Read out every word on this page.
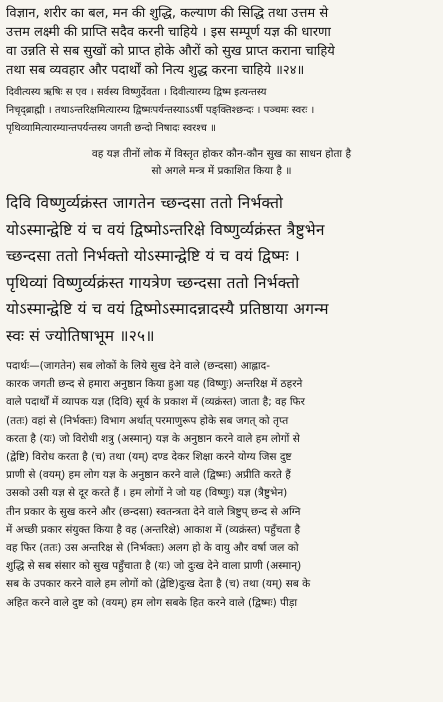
विज्ञान, शरीर का बल, मन की शुद्धि, कल्याण की सिद्धि तथा उत्तम से
उत्तम लक्ष्मी की प्राप्ति सदैव करनी चाहिये । इस सम्पूर्ण यज्ञ की धारणा
वा उन्नति से सब सुखों को प्राप्त होके औरों को सुख प्राप्त कराना चाहिये
तथा सब व्यवहार और पदार्थों को नित्य शुद्ध करना चाहिये ॥२४॥
दिवीत्यस्य ऋषिः स एव । सर्वस्य विष्णुर्देवता । दिवीत्यारम्य द्विष्म इत्यन्तस्य
निचृद्ब्राह्मी । तथाऽन्तरिक्षमित्यारम्य द्विष्मःपर्यन्तस्याऽऽर्षी पङ्क्तिश्छन्दः । पञ्चमः स्वरः ।
पृथिव्यामित्यारम्यान्तपर्यन्तस्य जगती छन्दो निषादः स्वरश्च ॥
वह यज्ञ तीनों लोक में विस्तृत होकर कौन-कौन सुख का साधन होता है
सो अगले मन्त्र में प्रकाशित किया है ॥
दिवि विष्णुर्व्यक्रंस्त जागतेन च्छन्दसा ततो निर्भक्तो
योऽस्मान्द्वेष्टि यं च वयं द्विष्मोऽन्तरिक्षे विष्णुर्व्यक्रंस्त त्रैष्टुभेन
च्छन्दसा ततो निर्भक्तो योऽस्मान्द्वेष्टि यं च वयं द्विष्मः ।
पृथिव्यां विष्णुर्व्यक्रंस्त गायत्रेण च्छन्दसा ततो निर्भक्तो
योऽस्मान्द्वेष्टि यं च वयं द्विष्मोऽस्मादन्नादस्यै प्रतिष्ठाया अगन्म
स्वः सं ज्योतिषाभूम ॥२५॥
पदार्थः—(जागतेन) सब लोकों के लिये सुख देने वाले (छन्दसा) आह्लाद-
कारक जगती छन्द से हमारा अनुष्ठान किया हुआ यह (विष्णुः) अन्तरिक्ष में ठहरने
वाले पदार्थों में व्यापक यज्ञ (दिवि) सूर्य के प्रकाश में (व्यक्रंस्त) जाता है; वह फिर
(ततः) वहां से (निर्भक्तः) विभाग अर्थात् परमाणुरूप होके सब जगत् को तृप्त
करता है (यः) जो विरोधी शत्रु (अस्मान्) यज्ञ के अनुष्ठान करने वाले हम लोगों से
(द्वेष्टि) विरोध करता है (च) तथा (यम्) दण्ड देकर शिक्षा करने योग्य जिस दुष्ट
प्राणी से (वयम्) हम लोग यज्ञ के अनुष्ठान करने वाले (द्विष्मः) अप्रीति करते हैं
उसको उसी यज्ञ से दूर करते हैं । हम लोगों ने जो यह (विष्णुः) यज्ञ (त्रैष्टुभेन)
तीन प्रकार के सुख करने और (छन्दसा) स्वतन्त्रता देने वाले त्रिष्टुप् छन्द से अग्नि
में अच्छी प्रकार संयुक्त किया है वह (अन्तरिक्षे) आकाश में (व्यक्रंस्त) पहुँचता है
वह फिर (ततः) उस अन्तरिक्ष से (निर्भक्तः) अलग हो के वायु और वर्षा जल को
शुद्धि से सब संसार को सुख पहुँचाता है (यः) जो दुःख देने वाला प्राणी (अस्मान्)
सब के उपकार करने वाले हम लोगों को (द्वेष्टि)दुःख देता है (च) तथा (यम्) सब के
अहित करने वाले दुष्ट को (वयम्) हम लोग सबके हित करने वाले (द्विष्मः) पीड़ा
